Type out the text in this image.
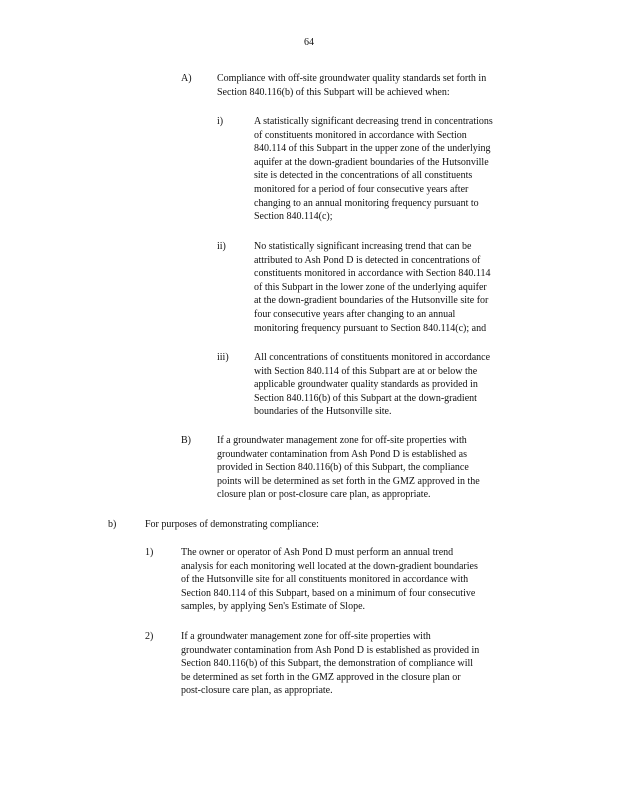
64
A)	Compliance with off-site groundwater quality standards set forth in
Section 840.116(b) of this Subpart will be achieved when:
i)	A statistically significant decreasing trend in concentrations
of constituents monitored in accordance with Section
840.114 of this Subpart in the upper zone of the underlying
aquifer at the down-gradient boundaries of the Hutsonville
site is detected in the concentrations of all constituents
monitored for a period of four consecutive years after
changing to an annual monitoring frequency pursuant to
Section 840.114(c);
ii)	No statistically significant increasing trend that can be
attributed to Ash Pond D is detected in concentrations of
constituents monitored in accordance with Section 840.114
of this Subpart in the lower zone of the underlying aquifer
at the down-gradient boundaries of the Hutsonville site for
four consecutive years after changing to an annual
monitoring frequency pursuant to Section 840.114(c); and
iii)	All concentrations of constituents monitored in accordance
with Section 840.114 of this Subpart are at or below the
applicable groundwater quality standards as provided in
Section 840.116(b) of this Subpart at the down-gradient
boundaries of the Hutsonville site.
B)	If a groundwater management zone for off-site properties with
groundwater contamination from Ash Pond D is established as
provided in Section 840.116(b) of this Subpart, the compliance
points will be determined as set forth in the GMZ approved in the
closure plan or post-closure care plan, as appropriate.
b)	For purposes of demonstrating compliance:
1)	The owner or operator of Ash Pond D must perform an annual trend
analysis for each monitoring well located at the down-gradient boundaries
of the Hutsonville site for all constituents monitored in accordance with
Section 840.114 of this Subpart, based on a minimum of four consecutive
samples, by applying Sen's Estimate of Slope.
2)	If a groundwater management zone for off-site properties with
groundwater contamination from Ash Pond D is established as provided in
Section 840.116(b) of this Subpart, the demonstration of compliance will
be determined as set forth in the GMZ approved in the closure plan or
post-closure care plan, as appropriate.
